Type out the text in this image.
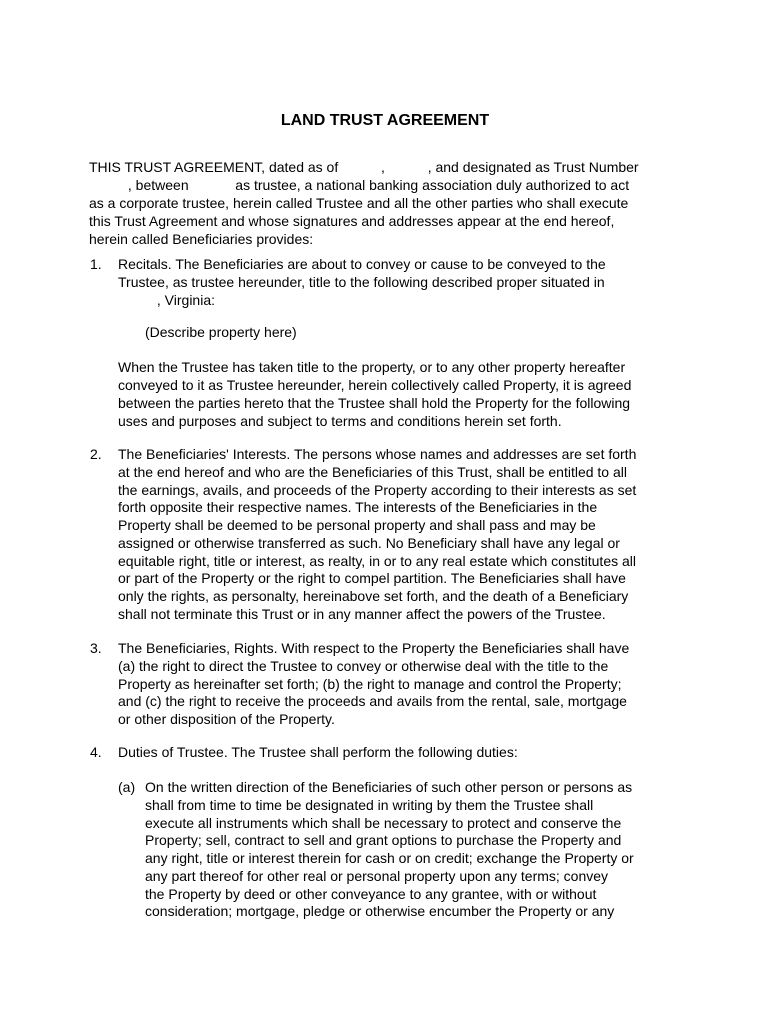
LAND TRUST AGREEMENT
THIS TRUST AGREEMENT, dated as of           ,           , and designated as Trust Number
, between            as trustee, a national banking association duly authorized to act
as a corporate trustee, herein called Trustee and all the other parties who shall execute
this Trust Agreement and whose signatures and addresses appear at the end hereof,
herein called Beneficiaries provides:
1. Recitals. The Beneficiaries are about to convey or cause to be conveyed to the
Trustee, as trustee hereunder, title to the following described proper situated in
, Virginia:
(Describe property here)
When the Trustee has taken title to the property, or to any other property hereafter
conveyed to it as Trustee hereunder, herein collectively called Property, it is agreed
between the parties hereto that the Trustee shall hold the Property for the following
uses and purposes and subject to terms and conditions herein set forth.
2. The Beneficiaries' Interests. The persons whose names and addresses are set forth
at the end hereof and who are the Beneficiaries of this Trust, shall be entitled to all
the earnings, avails, and proceeds of the Property according to their interests as set
forth opposite their respective names. The interests of the Beneficiaries in the
Property shall be deemed to be personal property and shall pass and may be
assigned or otherwise transferred as such. No Beneficiary shall have any legal or
equitable right, title or interest, as realty, in or to any real estate which constitutes all
or part of the Property or the right to compel partition. The Beneficiaries shall have
only the rights, as personalty, hereinabove set forth, and the death of a Beneficiary
shall not terminate this Trust or in any manner affect the powers of the Trustee.
3. The Beneficiaries, Rights. With respect to the Property the Beneficiaries shall have
(a) the right to direct the Trustee to convey or otherwise deal with the title to the
Property as hereinafter set forth; (b) the right to manage and control the Property;
and (c) the right to receive the proceeds and avails from the rental, sale, mortgage
or other disposition of the Property.
4. Duties of Trustee. The Trustee shall perform the following duties:
(a) On the written direction of the Beneficiaries of such other person or persons as
shall from time to time be designated in writing by them the Trustee shall
execute all instruments which shall be necessary to protect and conserve the
Property; sell, contract to sell and grant options to purchase the Property and
any right, title or interest therein for cash or on credit; exchange the Property or
any part thereof for other real or personal property upon any terms; convey
the Property by deed or other conveyance to any grantee, with or without
consideration; mortgage, pledge or otherwise encumber the Property or any
